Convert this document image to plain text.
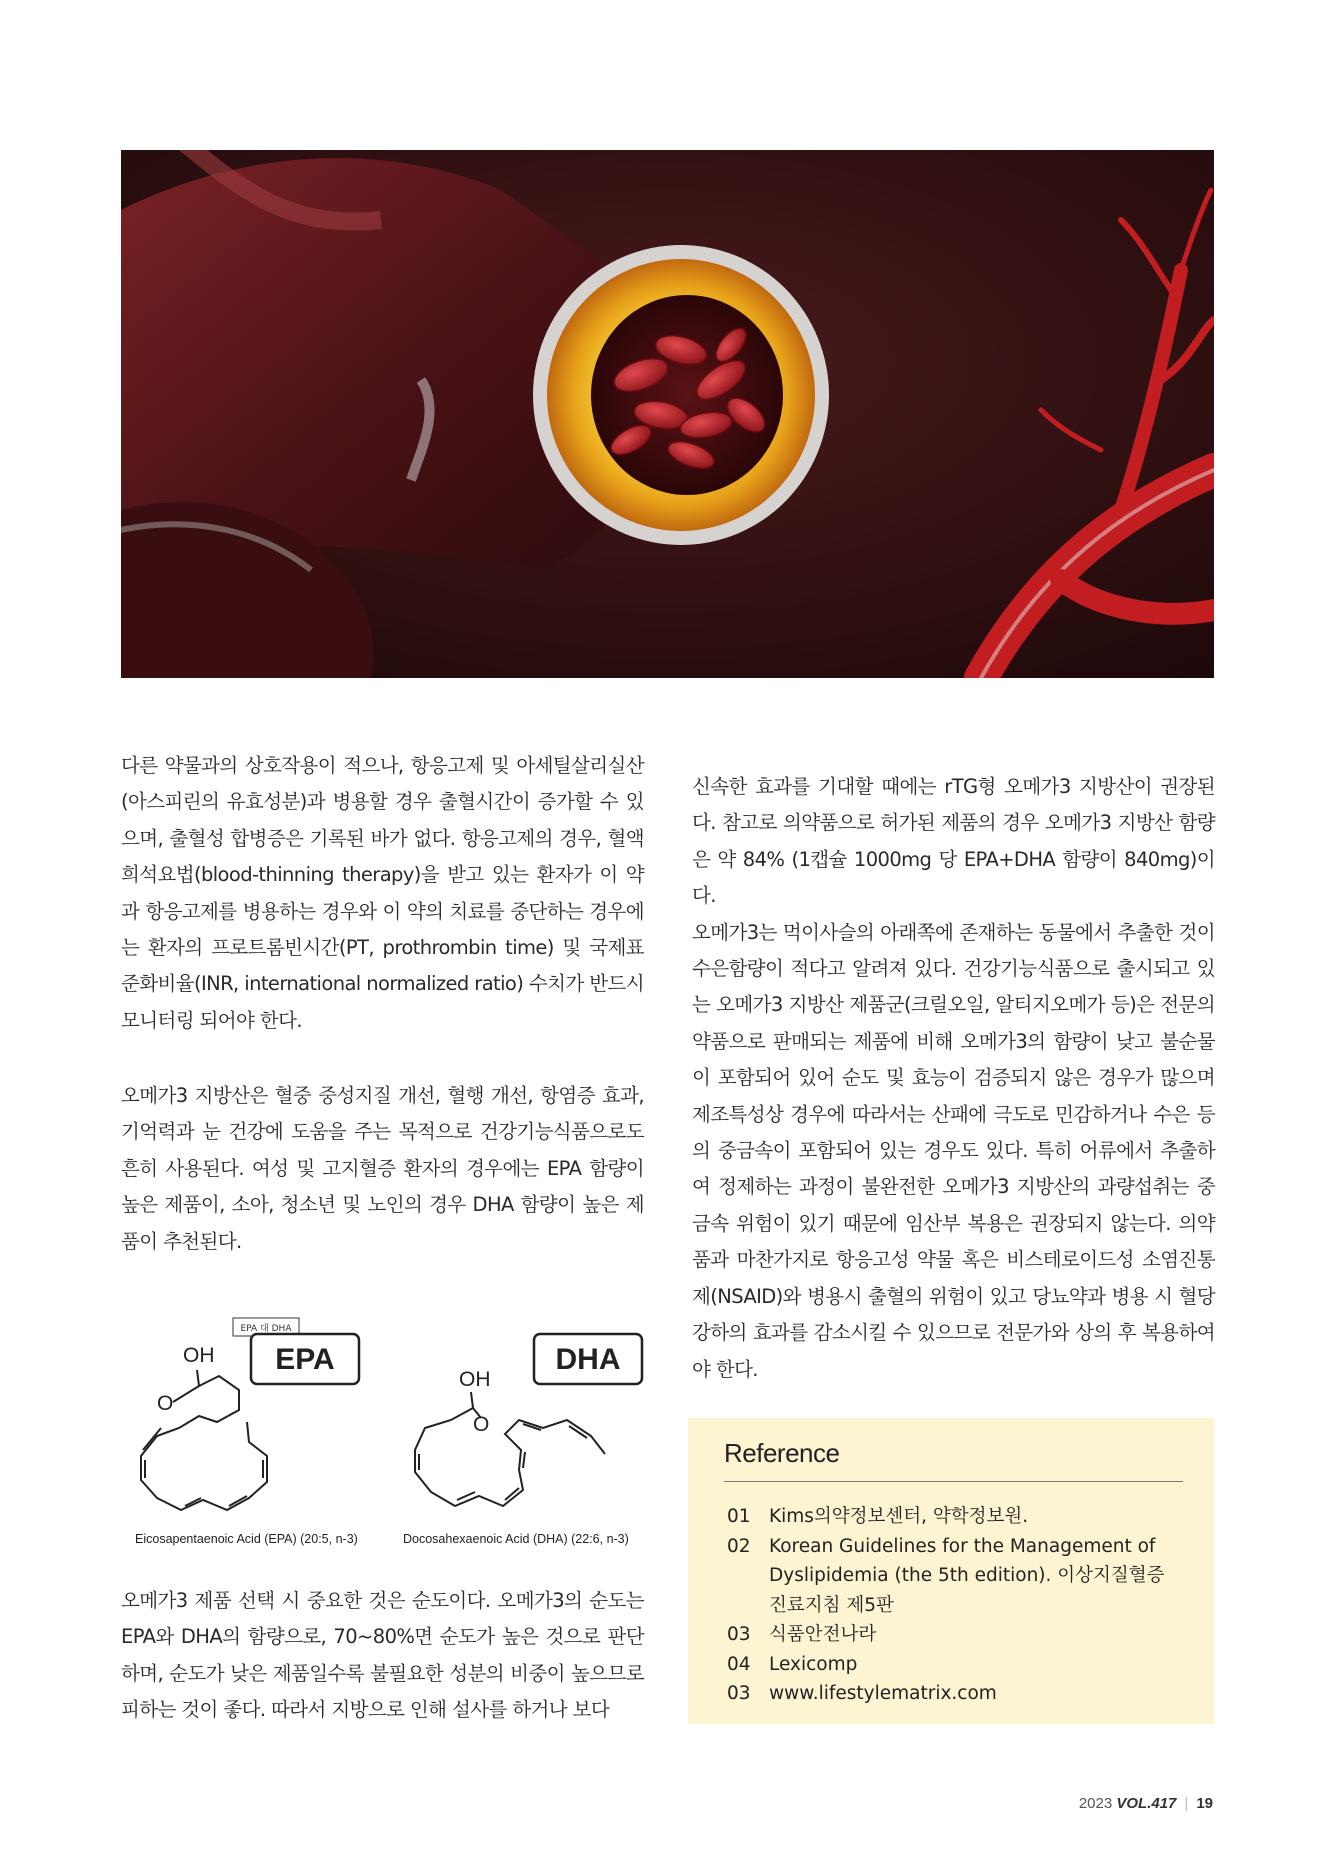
다른 약물과의 상호작용이 적으나, 항응고제 및 아세틸살리실산(아스피린의 유효성분)과 병용할 경우 출혈시간이 증가할 수 있으며, 출혈성 합병증은 기록된 바가 없다. 항응고제의 경우, 혈액희석요법(blood-thinning therapy)을 받고 있는 환자가 이 약과 항응고제를 병용하는 경우와 이 약의 치료를 중단하는 경우에는 환자의 프로트롬빈시간(PT, prothrombin time) 및 국제표준화비율(INR, international normalized ratio) 수치가 반드시 모니터링 되어야 한다.

오메가3 지방산은 혈중 중성지질 개선, 혈행 개선, 항염증 효과, 기억력과 눈 건강에 도움을 주는 목적으로 건강기능식품으로도 흔히 사용된다. 여성 및 고지혈증 환자의 경우에는 EPA 함량이 높은 제품이, 소아, 청소년 및 노인의 경우 DHA 함량이 높은 제품이 추천된다.

EPA 대 DHA
EPA	DHA
OH
O
Eicosapentaenoic Acid (EPA) (20:5, n-3)
OH
O
Docosahexaenoic Acid (DHA) (22:6, n-3)

오메가3 제품 선택 시 중요한 것은 순도이다. 오메가3의 순도는 EPA와 DHA의 함량으로, 70~80%면 순도가 높은 것으로 판단하며, 순도가 낮은 제품일수록 불필요한 성분의 비중이 높으므로 피하는 것이 좋다. 따라서 지방으로 인해 설사를 하거나 보다

신속한 효과를 기대할 때에는 rTG형 오메가3 지방산이 권장된다. 참고로 의약품으로 허가된 제품의 경우 오메가3 지방산 함량은 약 84% (1캡슐 1000mg 당 EPA+DHA 함량이 840mg)이다.

오메가3는 먹이사슬의 아래쪽에 존재하는 동물에서 추출한 것이 수은함량이 적다고 알려져 있다. 건강기능식품으로 출시되고 있는 오메가3 지방산 제품군(크릴오일, 알티지오메가 등)은 전문의약품으로 판매되는 제품에 비해 오메가3의 함량이 낮고 불순물이 포함되어 있어 순도 및 효능이 검증되지 않은 경우가 많으며 제조특성상 경우에 따라서는 산패에 극도로 민감하거나 수은 등의 중금속이 포함되어 있는 경우도 있다. 특히 어류에서 추출하여 정제하는 과정이 불완전한 오메가3 지방산의 과량섭취는 중금속 위험이 있기 때문에 임산부 복용은 권장되지 않는다. 의약품과 마찬가지로 항응고성 약물 혹은 비스테로이드성 소염진통제(NSAID)와 병용시 출혈의 위험이 있고 당뇨약과 병용 시 혈당강하의 효과를 감소시킬 수 있으므로 전문가와 상의 후 복용하여야 한다.

Reference
01 Kims의약정보센터, 약학정보원.
02 Korean Guidelines for the Management of Dyslipidemia (the 5th edition). 이상지질혈증 진료지침 제5판
03 식품안전나라
04 Lexicomp
03 www.lifestylematrix.com
2023 VOL.417 | 19
